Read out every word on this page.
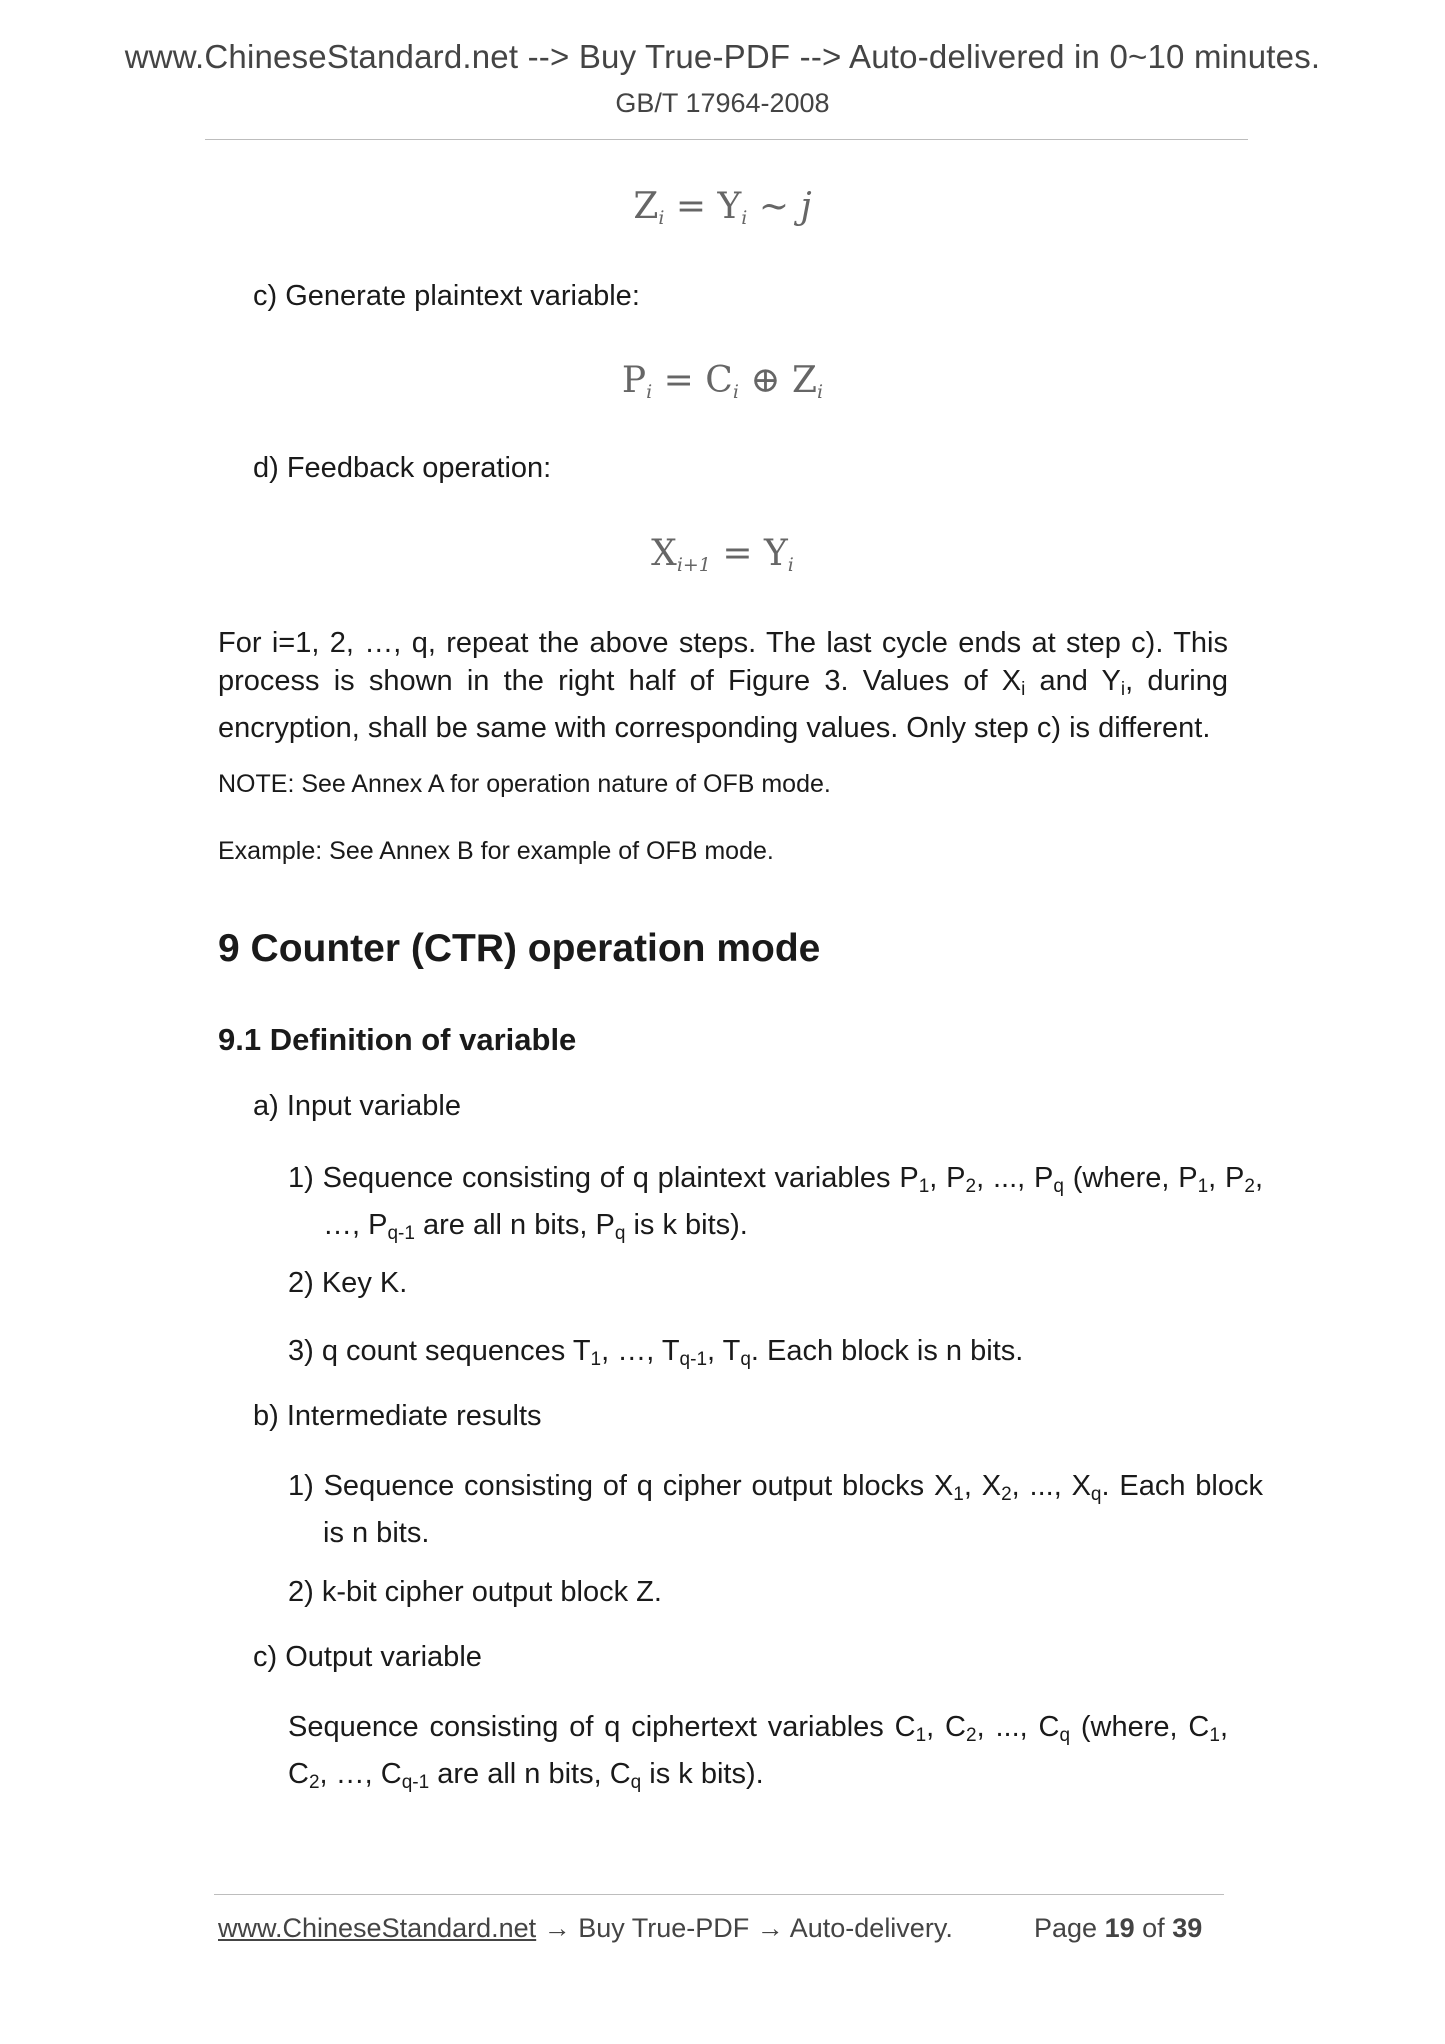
www.ChineseStandard.net --> Buy True-PDF --> Auto-delivered in 0~10 minutes.
GB/T 17964-2008
$Z_i = Y_i$ ~ j
c) Generate plaintext variable:
$P_i = C_i$ ⊕ $Z_i$
d) Feedback operation:
$X_{i+1} = Y_i$
For i=1, 2, …, q, repeat the above steps. The last cycle ends at step c). This process is shown in the right half of Figure 3. Values of $X_i$ and $Y_i$, during encryption, shall be same with corresponding values. Only step c) is different.
NOTE: See Annex A for operation nature of OFB mode.
Example: See Annex B for example of OFB mode.
9 Counter (CTR) operation mode
9.1 Definition of variable
a) Input variable
1) Sequence consisting of q plaintext variables $P_1$, $P_2$, ..., $P_q$ (where, $P_1$, $P_2$, …, $P_{q-1}$ are all n bits, $P_q$ is k bits).
2) Key K.
3) q count sequences $T_1$, …, $T_{q-1}$, $T_q$. Each block is n bits.
b) Intermediate results
1) Sequence consisting of q cipher output blocks $X_1$, $X_2$, ..., $X_q$. Each block is n bits.
2) k-bit cipher output block Z.
c) Output variable
Sequence consisting of q ciphertext variables $C_1$, $C_2$, ..., $C_q$ (where, $C_1$, $C_2$, …, $C_{q-1}$ are all n bits, $C_q$ is k bits).
www.ChineseStandard.net → Buy True-PDF → Auto-delivery.	Page 19 of 39
